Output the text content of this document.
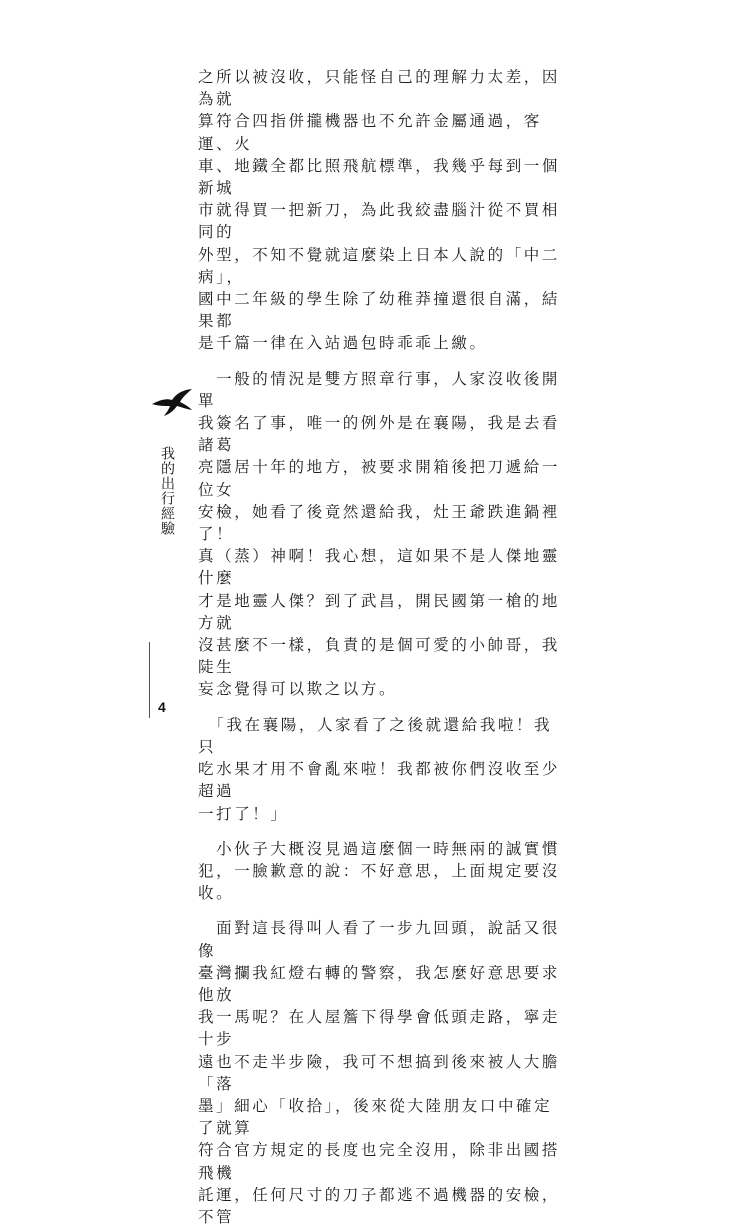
之所以被沒收，只能怪自己的理解力太差，因為就
算符合四指併攏機器也不允許金屬通過，客運、火
車、地鐵全都比照飛航標準，我幾乎每到一個新城
市就得買一把新刀，為此我絞盡腦汁從不買相同的
外型，不知不覺就這麼染上日本人說的「中二病」，
國中二年級的學生除了幼稚莽撞還很自滿，結果都
是千篇一律在入站過包時乖乖上繳。

　一般的情況是雙方照章行事，人家沒收後開單
我簽名了事，唯一的例外是在襄陽，我是去看諸葛
亮隱居十年的地方，被要求開箱後把刀遞給一位女
安檢，她看了後竟然還給我，灶王爺跌進鍋裡了！
真（蒸）神啊！我心想，這如果不是人傑地靈什麼
才是地靈人傑？到了武昌，開民國第一槍的地方就
沒甚麼不一樣，負責的是個可愛的小帥哥，我陡生
妄念覺得可以欺之以方。

　「我在襄陽，人家看了之後就還給我啦！我只
吃水果才用不會亂來啦！我都被你們沒收至少超過
一打了！」

　小伙子大概沒見過這麼個一時無兩的誠實慣
犯，一臉歉意的說：不好意思，上面規定要沒收。

　面對這長得叫人看了一步九回頭，說話又很像
臺灣攔我紅燈右轉的警察，我怎麼好意思要求他放
我一馬呢？在人屋簷下得學會低頭走路，寧走十步
遠也不走半步險，我可不想搞到後來被人大膽「落
墨」細心「收拾」，後來從大陸朋友口中確定了就算
符合官方規定的長度也完全沒用，除非出國搭飛機
託運，任何尺寸的刀子都逃不過機器的安檢，不管

我的出行經驗
4
